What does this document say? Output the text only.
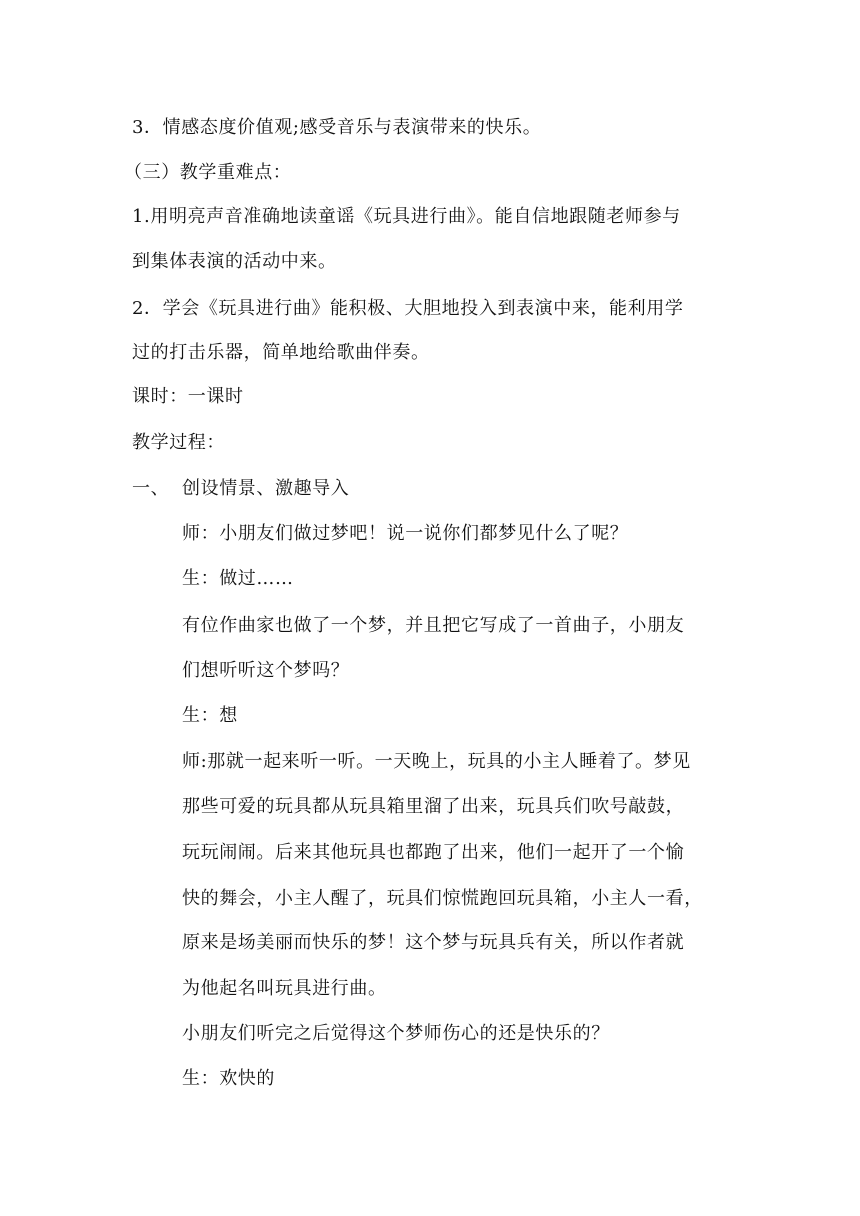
3．情感态度价值观;感受音乐与表演带来的快乐。
（三）教学重难点：
1.用明亮声音准确地读童谣《玩具进行曲》。能自信地跟随老师参与
到集体表演的活动中来。
2．学会《玩具进行曲》能积极、大胆地投入到表演中来，能利用学
过的打击乐器，简单地给歌曲伴奏。
课时：一课时
教学过程：
一、 创设情景、激趣导入
师：小朋友们做过梦吧！说一说你们都梦见什么了呢？
生：做过……
有位作曲家也做了一个梦，并且把它写成了一首曲子，小朋友
们想听听这个梦吗？
生：想
师:那就一起来听一听。一天晚上，玩具的小主人睡着了。梦见
那些可爱的玩具都从玩具箱里溜了出来，玩具兵们吹号敲鼓，
玩玩闹闹。后来其他玩具也都跑了出来，他们一起开了一个愉
快的舞会，小主人醒了，玩具们惊慌跑回玩具箱，小主人一看，
原来是场美丽而快乐的梦！这个梦与玩具兵有关，所以作者就
为他起名叫玩具进行曲。
小朋友们听完之后觉得这个梦师伤心的还是快乐的？
生：欢快的
